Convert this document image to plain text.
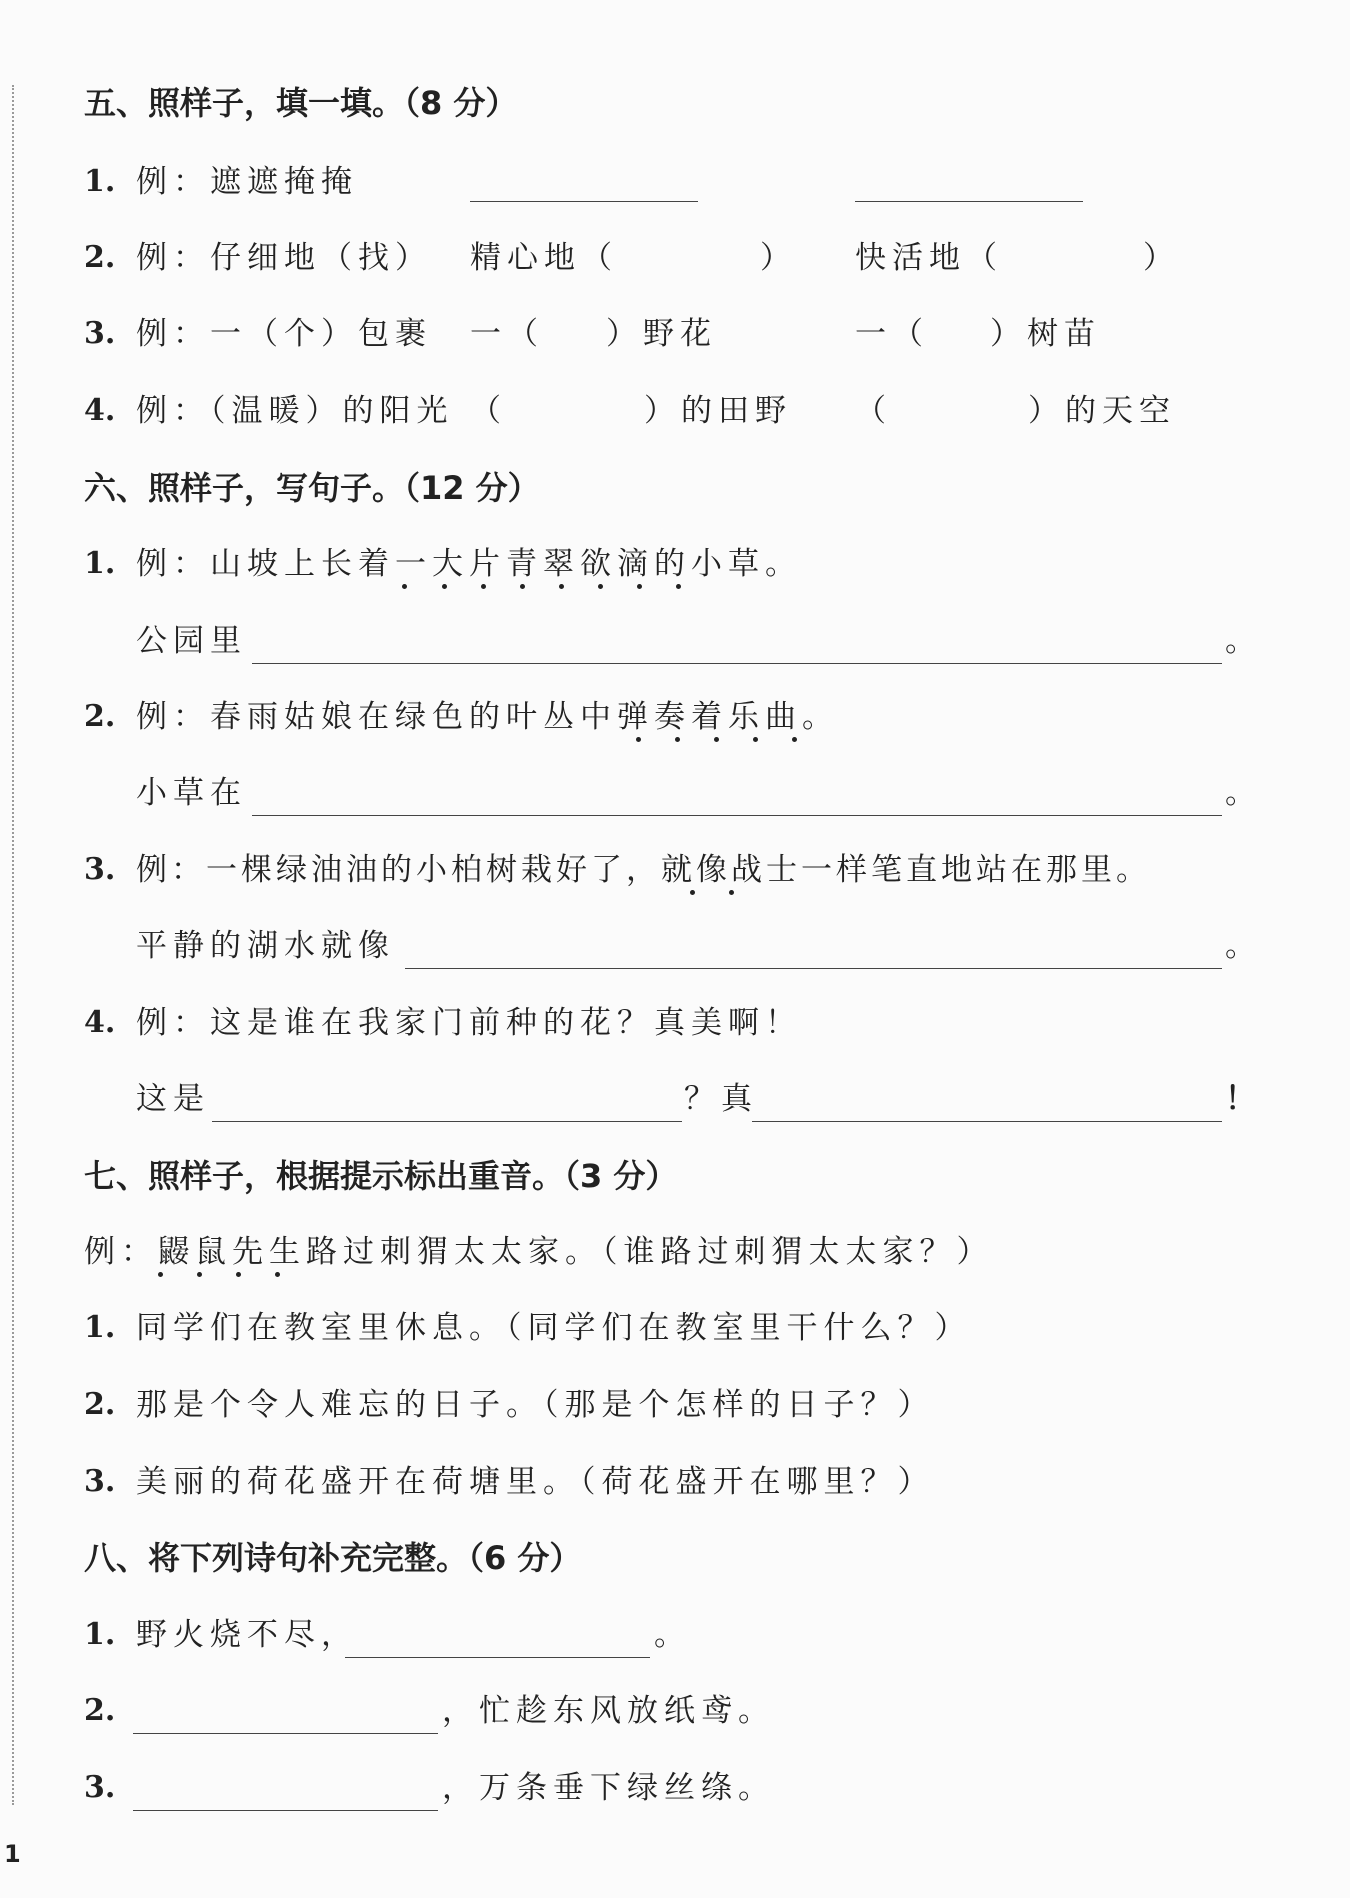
五、照样子，填一填。（8 分）
1. 例：遮遮掩掩
2. 例：仔细地（找） 精心地（	） 快活地（	）
3. 例：一（个）包裹 一（ ）野花	一（ ）树苗
4. 例：（温暖）的阳光 （	）的田野 （	）的天空
六、照样子，写句子。（12 分）
1. 例：山坡上长着一大片青翠欲滴的小草。
公园里	。
2. 例：春雨姑娘在绿色的叶丛中弹奏着乐曲。
小草在	。
3. 例：一棵绿油油的小柏树栽好了，就像战士一样笔直地站在那里。
平静的湖水就像	。
4. 例：这是谁在我家门前种的花？真美啊！
这是	？真	！
七、照样子，根据提示标出重音。（3 分）
例：鼹鼠先生路过刺猬太太家。（谁路过刺猬太太家？）
1. 同学们在教室里休息。（同学们在教室里干什么？）
2. 那是个令人难忘的日子。（那是个怎样的日子？）
3. 美丽的荷花盛开在荷塘里。（荷花盛开在哪里？）
八、将下列诗句补充完整。（6 分）
1. 野火烧不尽，	。
2.	，忙趁东风放纸鸢。
3.	，万条垂下绿丝绦。
1
